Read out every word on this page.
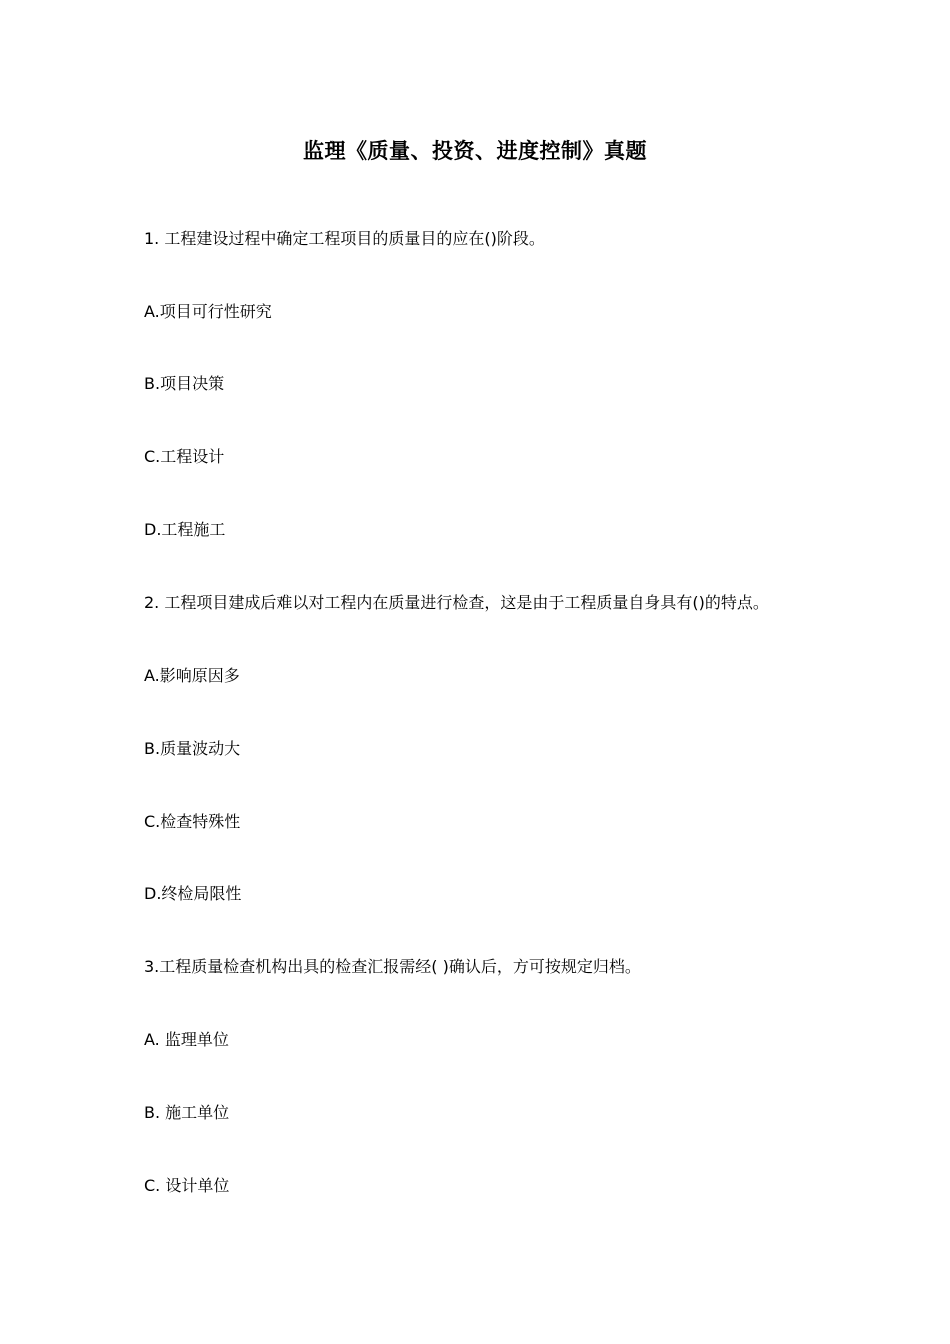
监理《质量、投资、进度控制》真题
1. 工程建设过程中确定工程项目的质量目的应在()阶段。
A.项目可行性研究
B.项目决策
C.工程设计
D.工程施工
2. 工程项目建成后难以对工程内在质量进行检查，这是由于工程质量自身具有()的特点。
A.影响原因多
B.质量波动大
C.检查特殊性
D.终检局限性
3.工程质量检查机构出具的检查汇报需经( )确认后，方可按规定归档。
A. 监理单位
B. 施工单位
C. 设计单位
